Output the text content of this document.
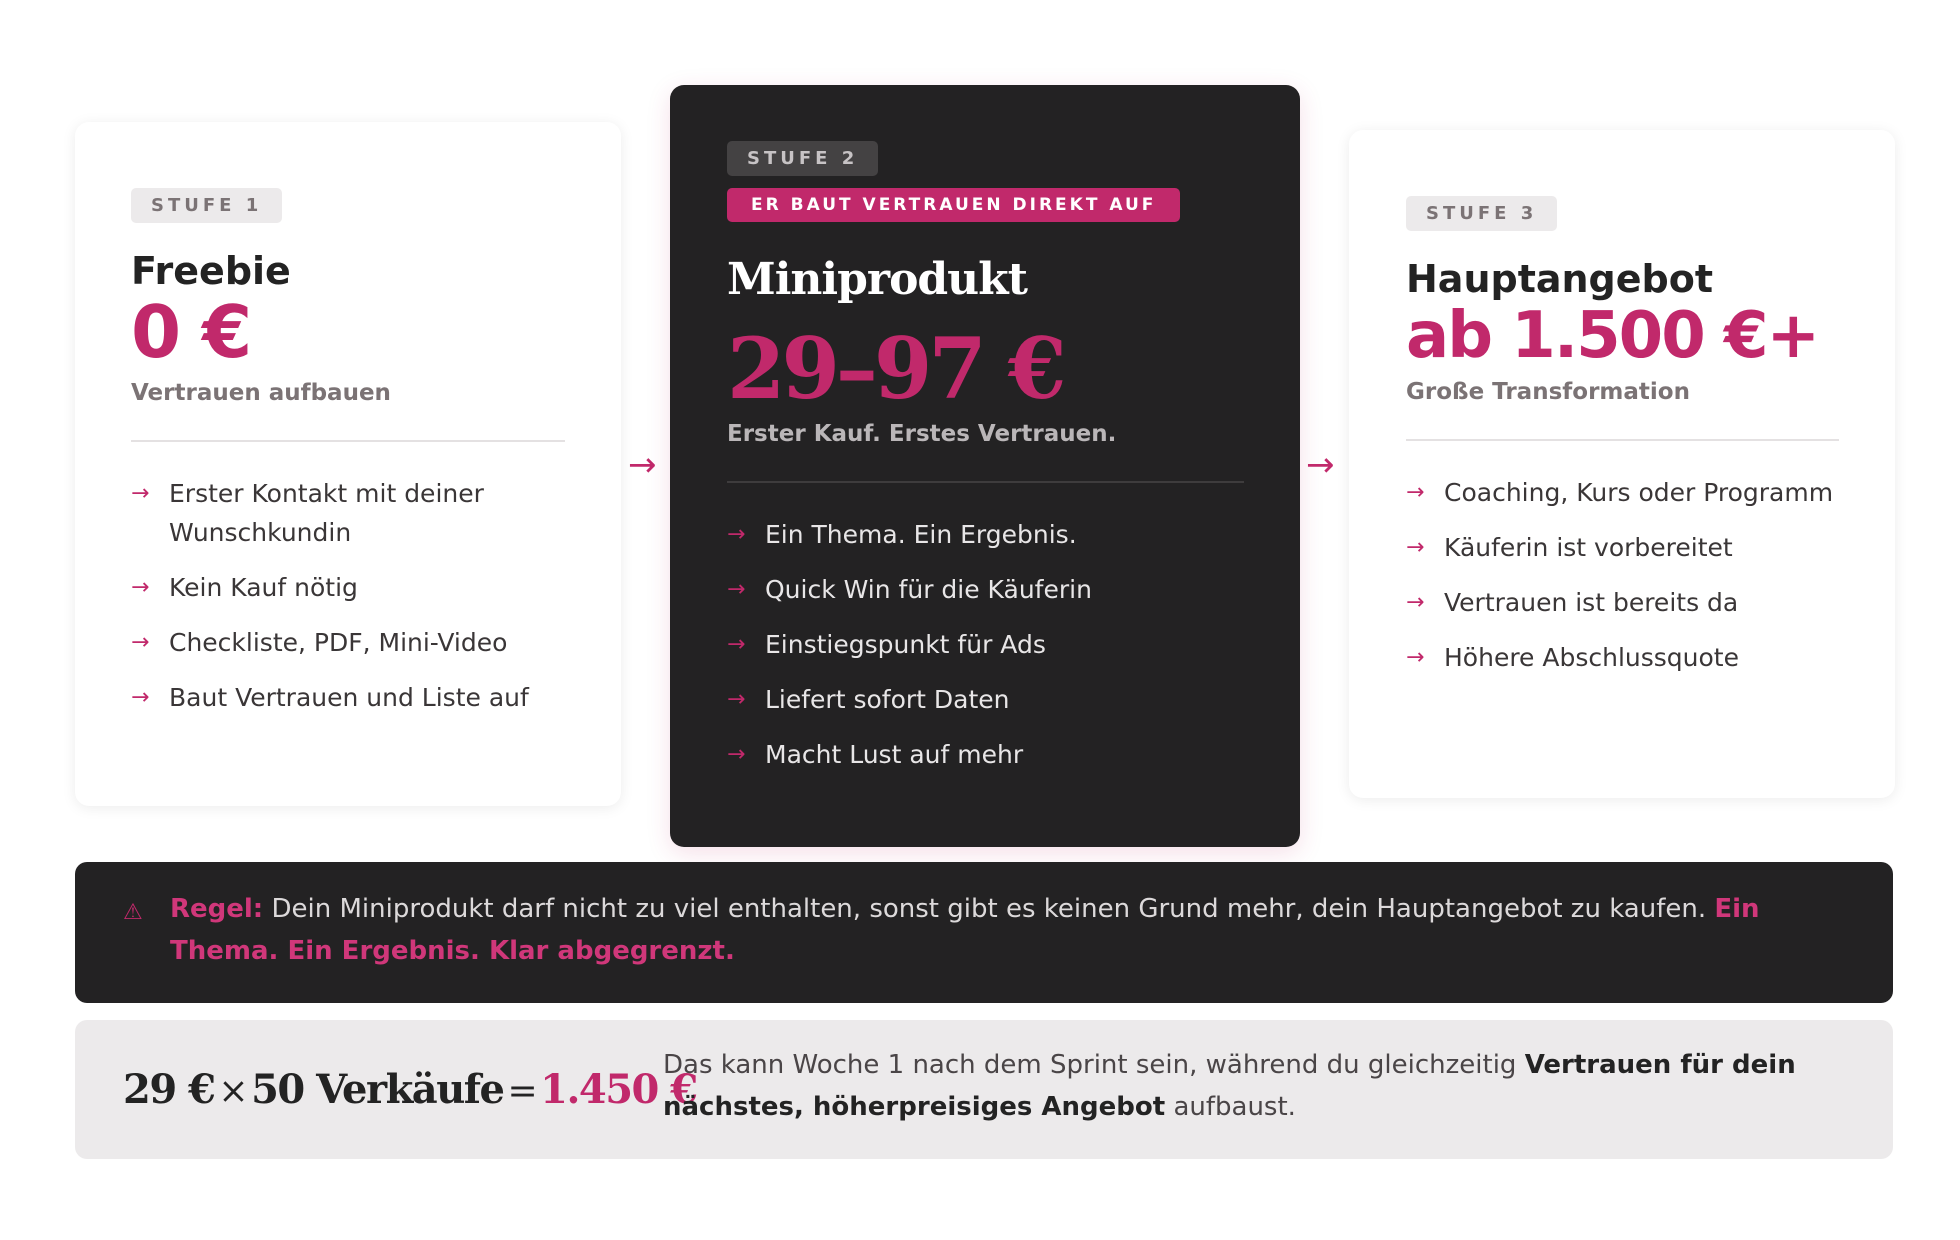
STUFE 1
Freebie
0 €
Vertrauen aufbauen
→ Erster Kontakt mit deiner Wunschkundin
→ Kein Kauf nötig
→ Checkliste, PDF, Mini-Video
→ Baut Vertrauen und Liste auf
→
STUFE 2
ER BAUT VERTRAUEN DIREKT AUF
Miniprodukt
29–97 €
Erster Kauf. Erstes Vertrauen.
→ Ein Thema. Ein Ergebnis.
→ Quick Win für die Käuferin
→ Einstiegspunkt für Ads
→ Liefert sofort Daten
→ Macht Lust auf mehr
→
STUFE 3
Hauptangebot
ab 1.500 €+
Große Transformation
→ Coaching, Kurs oder Programm
→ Käuferin ist vorbereitet
→ Vertrauen ist bereits da
→ Höhere Abschlussquote
⚠ Regel: Dein Miniprodukt darf nicht zu viel enthalten, sonst gibt es keinen Grund mehr, dein Hauptangebot zu kaufen. Ein Thema. Ein Ergebnis. Klar abgegrenzt.

29 € × 50 Verkäufe = 1.450 €

Das kann Woche 1 nach dem Sprint sein, während du gleichzeitig Vertrauen für dein nächstes, höherpreisiges Angebot aufbaust.
